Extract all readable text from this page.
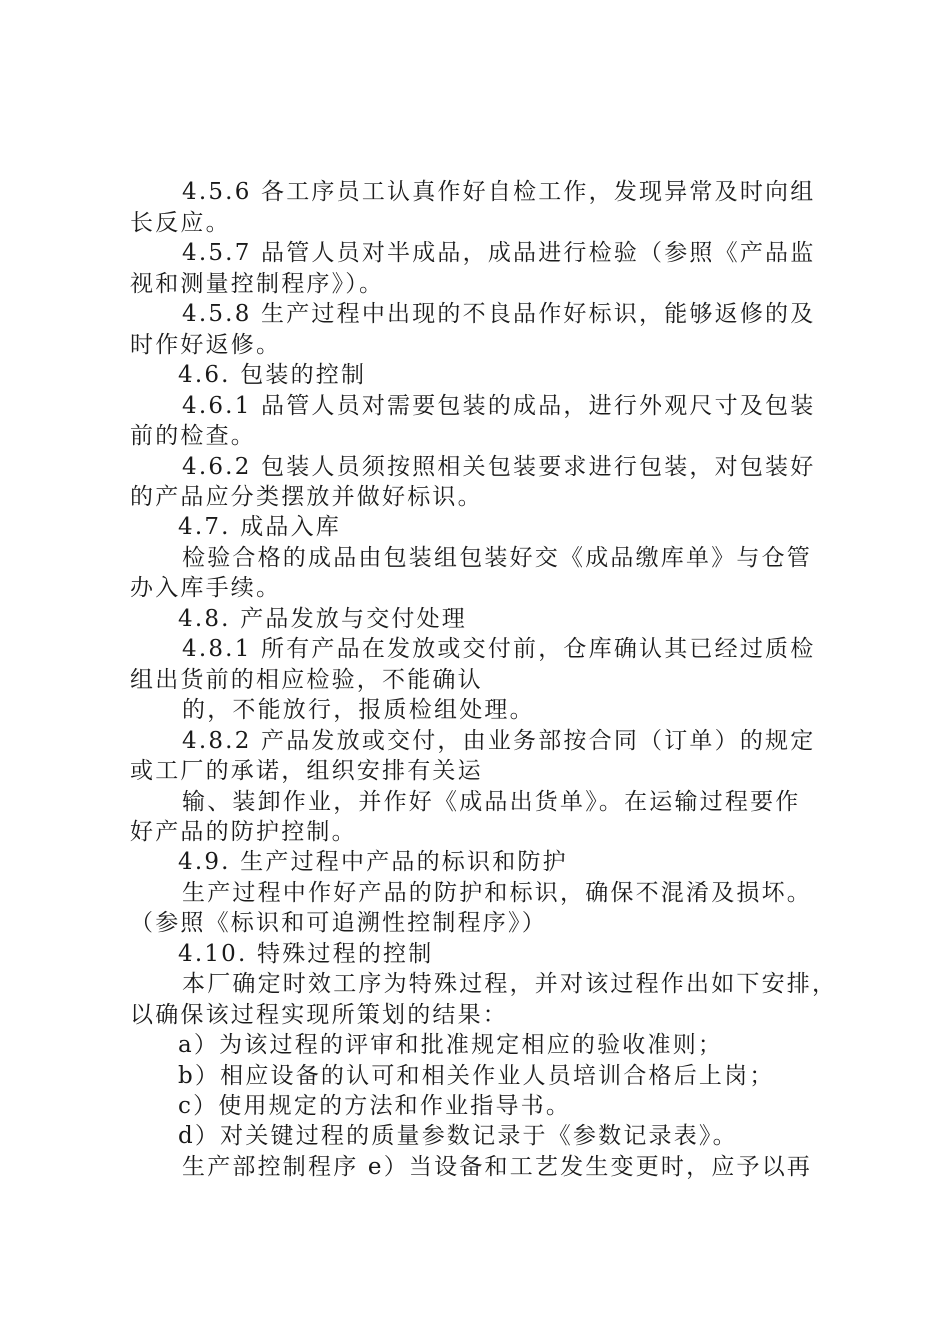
4.5.6 各工序员工认真作好自检工作，发现异常及时向组
长反应。
4.5.7 品管人员对半成品，成品进行检验（参照《产品监
视和测量控制程序》）。
4.5.8 生产过程中出现的不良品作好标识，能够返修的及
时作好返修。
4.6. 包装的控制
4.6.1 品管人员对需要包装的成品，进行外观尺寸及包装
前的检查。
4.6.2 包装人员须按照相关包装要求进行包装，对包装好
的产品应分类摆放并做好标识。
4.7. 成品入库
检验合格的成品由包装组包装好交《成品缴库单》与仓管
办入库手续。
4.8. 产品发放与交付处理
4.8.1 所有产品在发放或交付前，仓库确认其已经过质检
组出货前的相应检验，不能确认
的，不能放行，报质检组处理。
4.8.2 产品发放或交付，由业务部按合同（订单）的规定
或工厂的承诺，组织安排有关运
输、装卸作业，并作好《成品出货单》。在运输过程要作
好产品的防护控制。
4.9. 生产过程中产品的标识和防护
生产过程中作好产品的防护和标识，确保不混淆及损坏。
（参照《标识和可追溯性控制程序》）
4.10. 特殊过程的控制
本厂确定时效工序为特殊过程，并对该过程作出如下安排，
以确保该过程实现所策划的结果：
a）为该过程的评审和批准规定相应的验收准则；
b）相应设备的认可和相关作业人员培训合格后上岗；
c）使用规定的方法和作业指导书。
d）对关键过程的质量参数记录于《参数记录表》。
生产部控制程序 e）当设备和工艺发生变更时，应予以再
